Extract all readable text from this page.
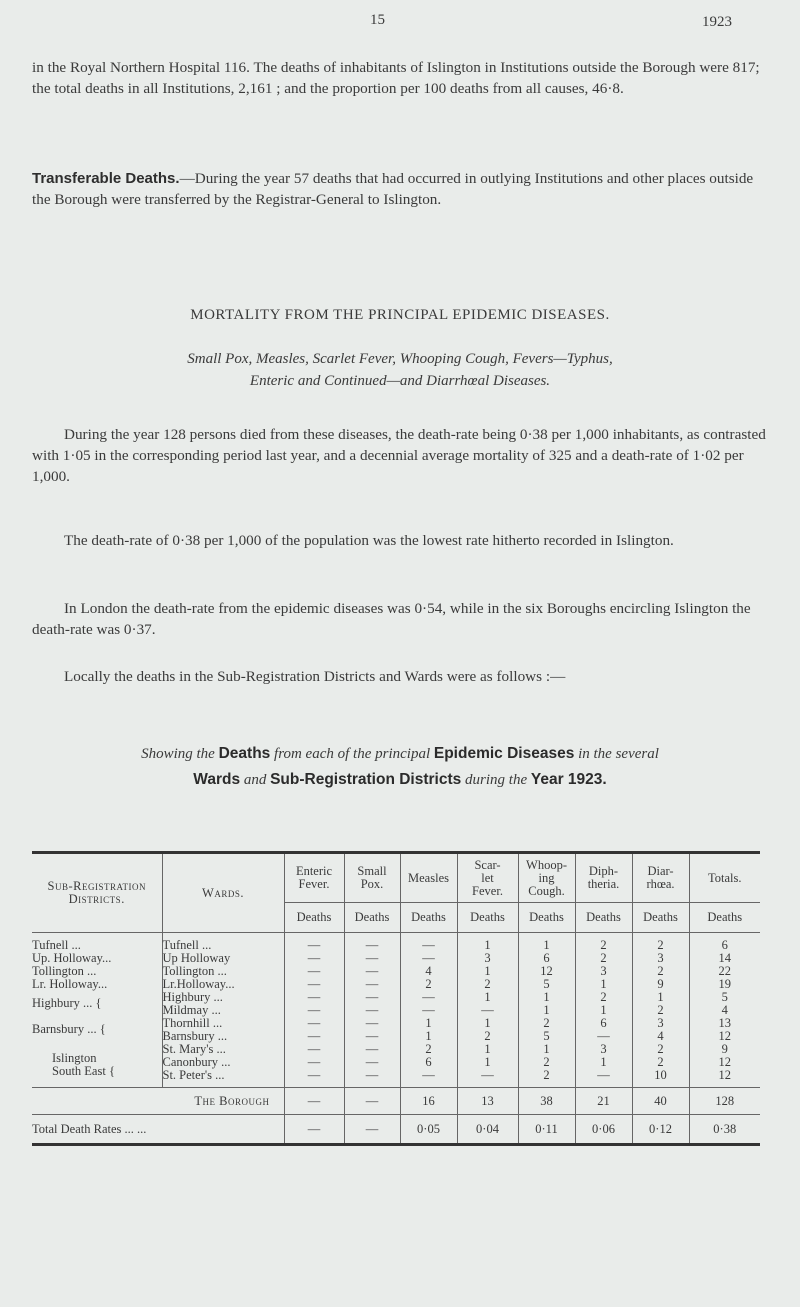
15	1923

in the Royal Northern Hospital 116. The deaths of inhabitants of Islington in Institutions outside the Borough were 817; the total deaths in all Institutions, 2,161 ; and the proportion per 100 deaths from all causes, 46·8.

Transferable Deaths.—During the year 57 deaths that had occurred in outlying Institutions and other places outside the Borough were transferred by the Registrar-General to Islington.

MORTALITY FROM THE PRINCIPAL EPIDEMIC DISEASES.
Small Pox, Measles, Scarlet Fever, Whooping Cough, Fevers—Typhus,
Enteric and Continued—and Diarrhœal Diseases.

During the year 128 persons died from these diseases, the death-rate being 0·38 per 1,000 inhabitants, as contrasted with 1·05 in the corresponding period last year, and a decennial average mortality of 325 and a death-rate of 1·02 per 1,000.

The death-rate of 0·38 per 1,000 of the population was the lowest rate hitherto recorded in Islington.

In London the death-rate from the epidemic diseases was 0·54, while in the six Boroughs encircling Islington the death-rate was 0·37.

Locally the deaths in the Sub-Registration Districts and Wards were as follows :—

Showing the Deaths from each of the principal Epidemic Diseases in the several
Wards and Sub-Registration Districts during the Year 1923.
Sub-Registration Districts.	Wards.	Enteric Fever.	Small Pox.	Measles	Scar-let Fever.	Whoop-ing Cough.	Diph-theria.	Diar-rhœa.	Totals.
		Deaths	Deaths	Deaths	Deaths	Deaths	Deaths	Deaths	Deaths
Tufnell ...	Tufnell ...	—	—	—	1	1	2	2	6
Up. Holloway...	Up Holloway	—	—	—	3	6	2	3	14
Tollington ...	Tollington ...	—	—	4	1	12	3	2	22
Lr. Holloway...	Lr.Holloway...	—	—	2	2	5	1	9	19
Highbury ... {	Highbury ...	—	—	—	1	1	2	1	5
	Mildmay ...	—	—	—	—	1	1	2	4
Barnsbury ... {	Thornhill ...	—	—	1	1	2	6	3	13
	Barnsbury ...	—	—	1	2	5	—	4	12
Islington
South East {	St. Mary's ...	—	—	2	1	1	3	2	9
	Canonbury ...	—	—	6	1	2	1	2	12
	St. Peter's ...	—	—	—	—	2	—	10	12
The Borough		—	—	16	13	38	21	40	128
Total Death Rates ... ...		—	—	0·05	0·04	0·11	0·06	0·12	0·38
